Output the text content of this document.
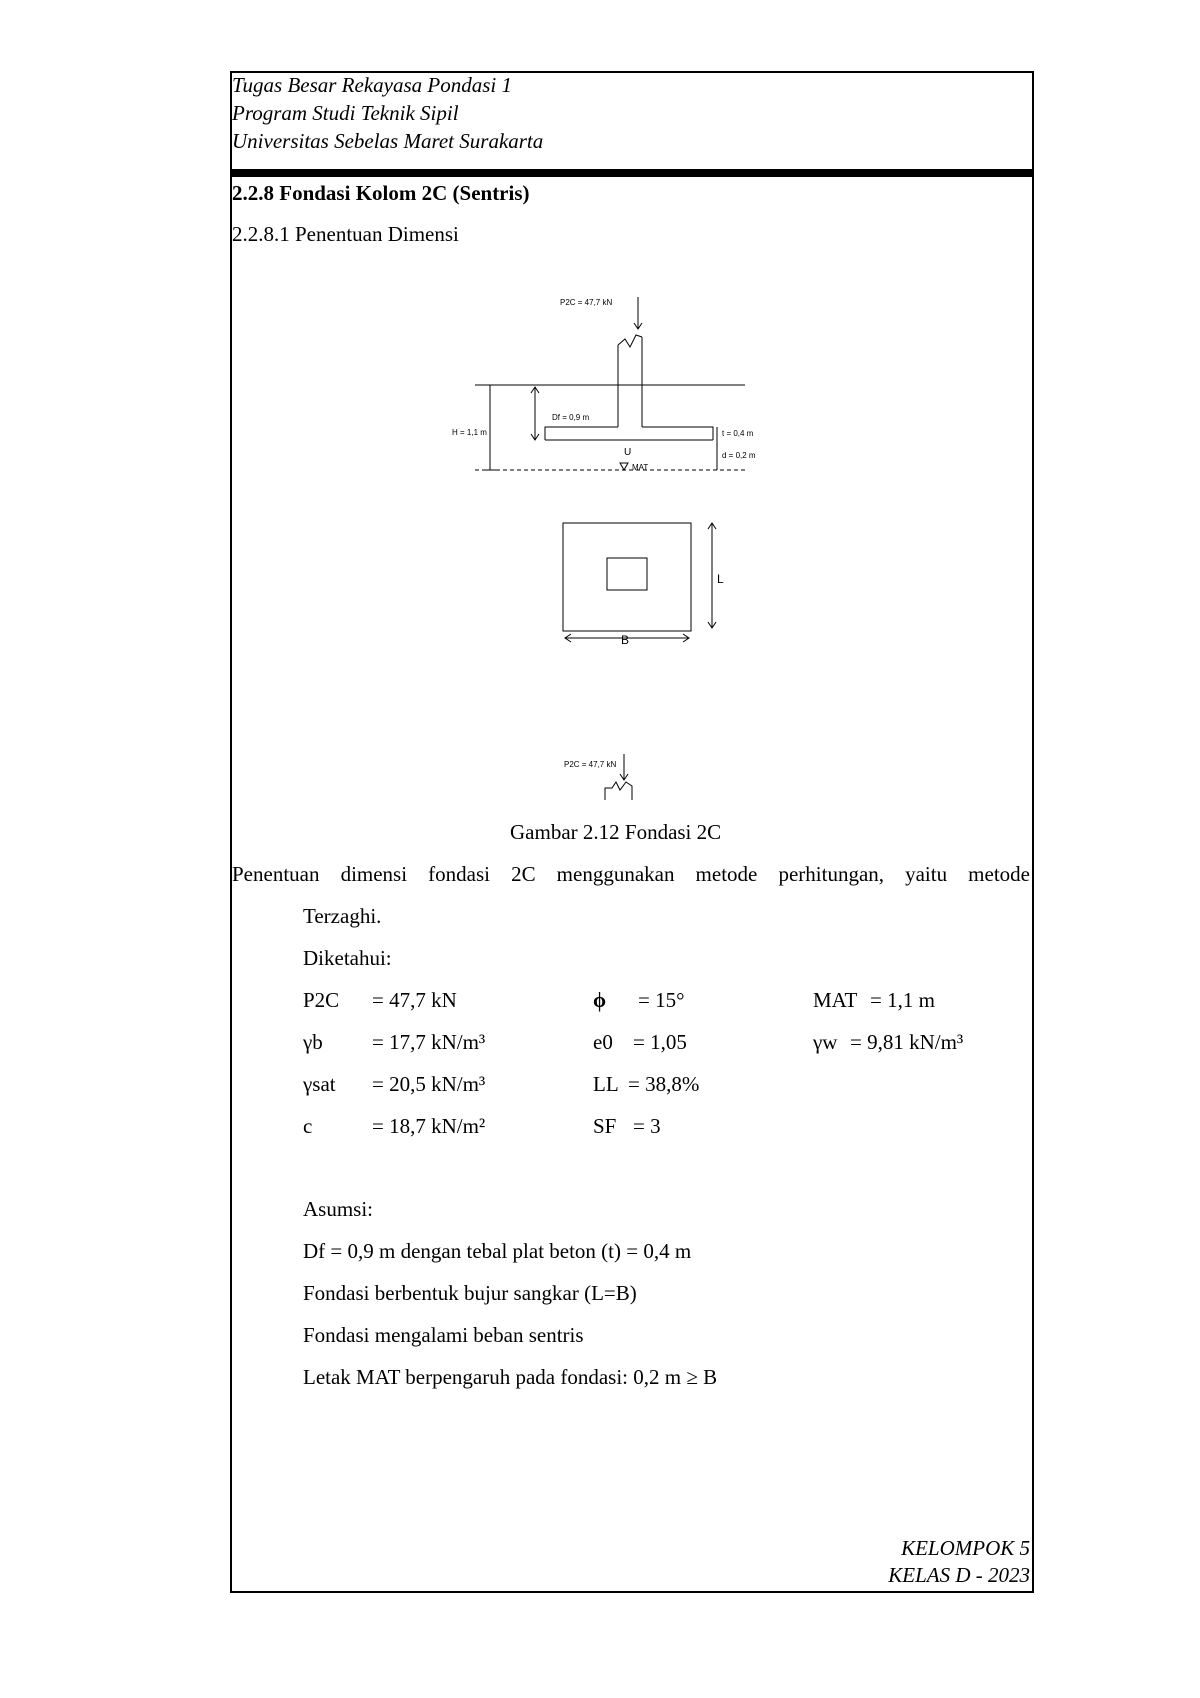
Tugas Besar Rekayasa Pondasi 1
Program Studi Teknik Sipil
Universitas Sebelas Maret Surakarta
2.2.8 Fondasi Kolom 2C (Sentris)
2.2.8.1 Penentuan Dimensi
P2C = 47,7 kN
Df = 0,9 m
H = 1,1 m	t = 0,4 m
d = 0,2 m
U
MAT
L
B
P2C = 47,7 kN
Gambar 2.12 Fondasi 2C
Penentuan dimensi fondasi 2C menggunakan metode perhitungan, yaitu metode
Terzaghi.
Diketahui:
P2C = 47,7 kN
γb = 17,7 kN/m³
γsat = 20,5 kN/m³
c	= 18,7 kN/m²
ϕ = 15°
e0 = 1,05
LL = 38,8%
SF = 3
MAT = 1,1 m
γw = 9,81 kN/m³
Asumsi:
Df = 0,9 m dengan tebal plat beton (t) = 0,4 m
Fondasi berbentuk bujur sangkar (L=B)
Fondasi mengalami beban sentris
Letak MAT berpengaruh pada fondasi: 0,2 m ≥ B
KELOMPOK 5
KELAS D - 2023
